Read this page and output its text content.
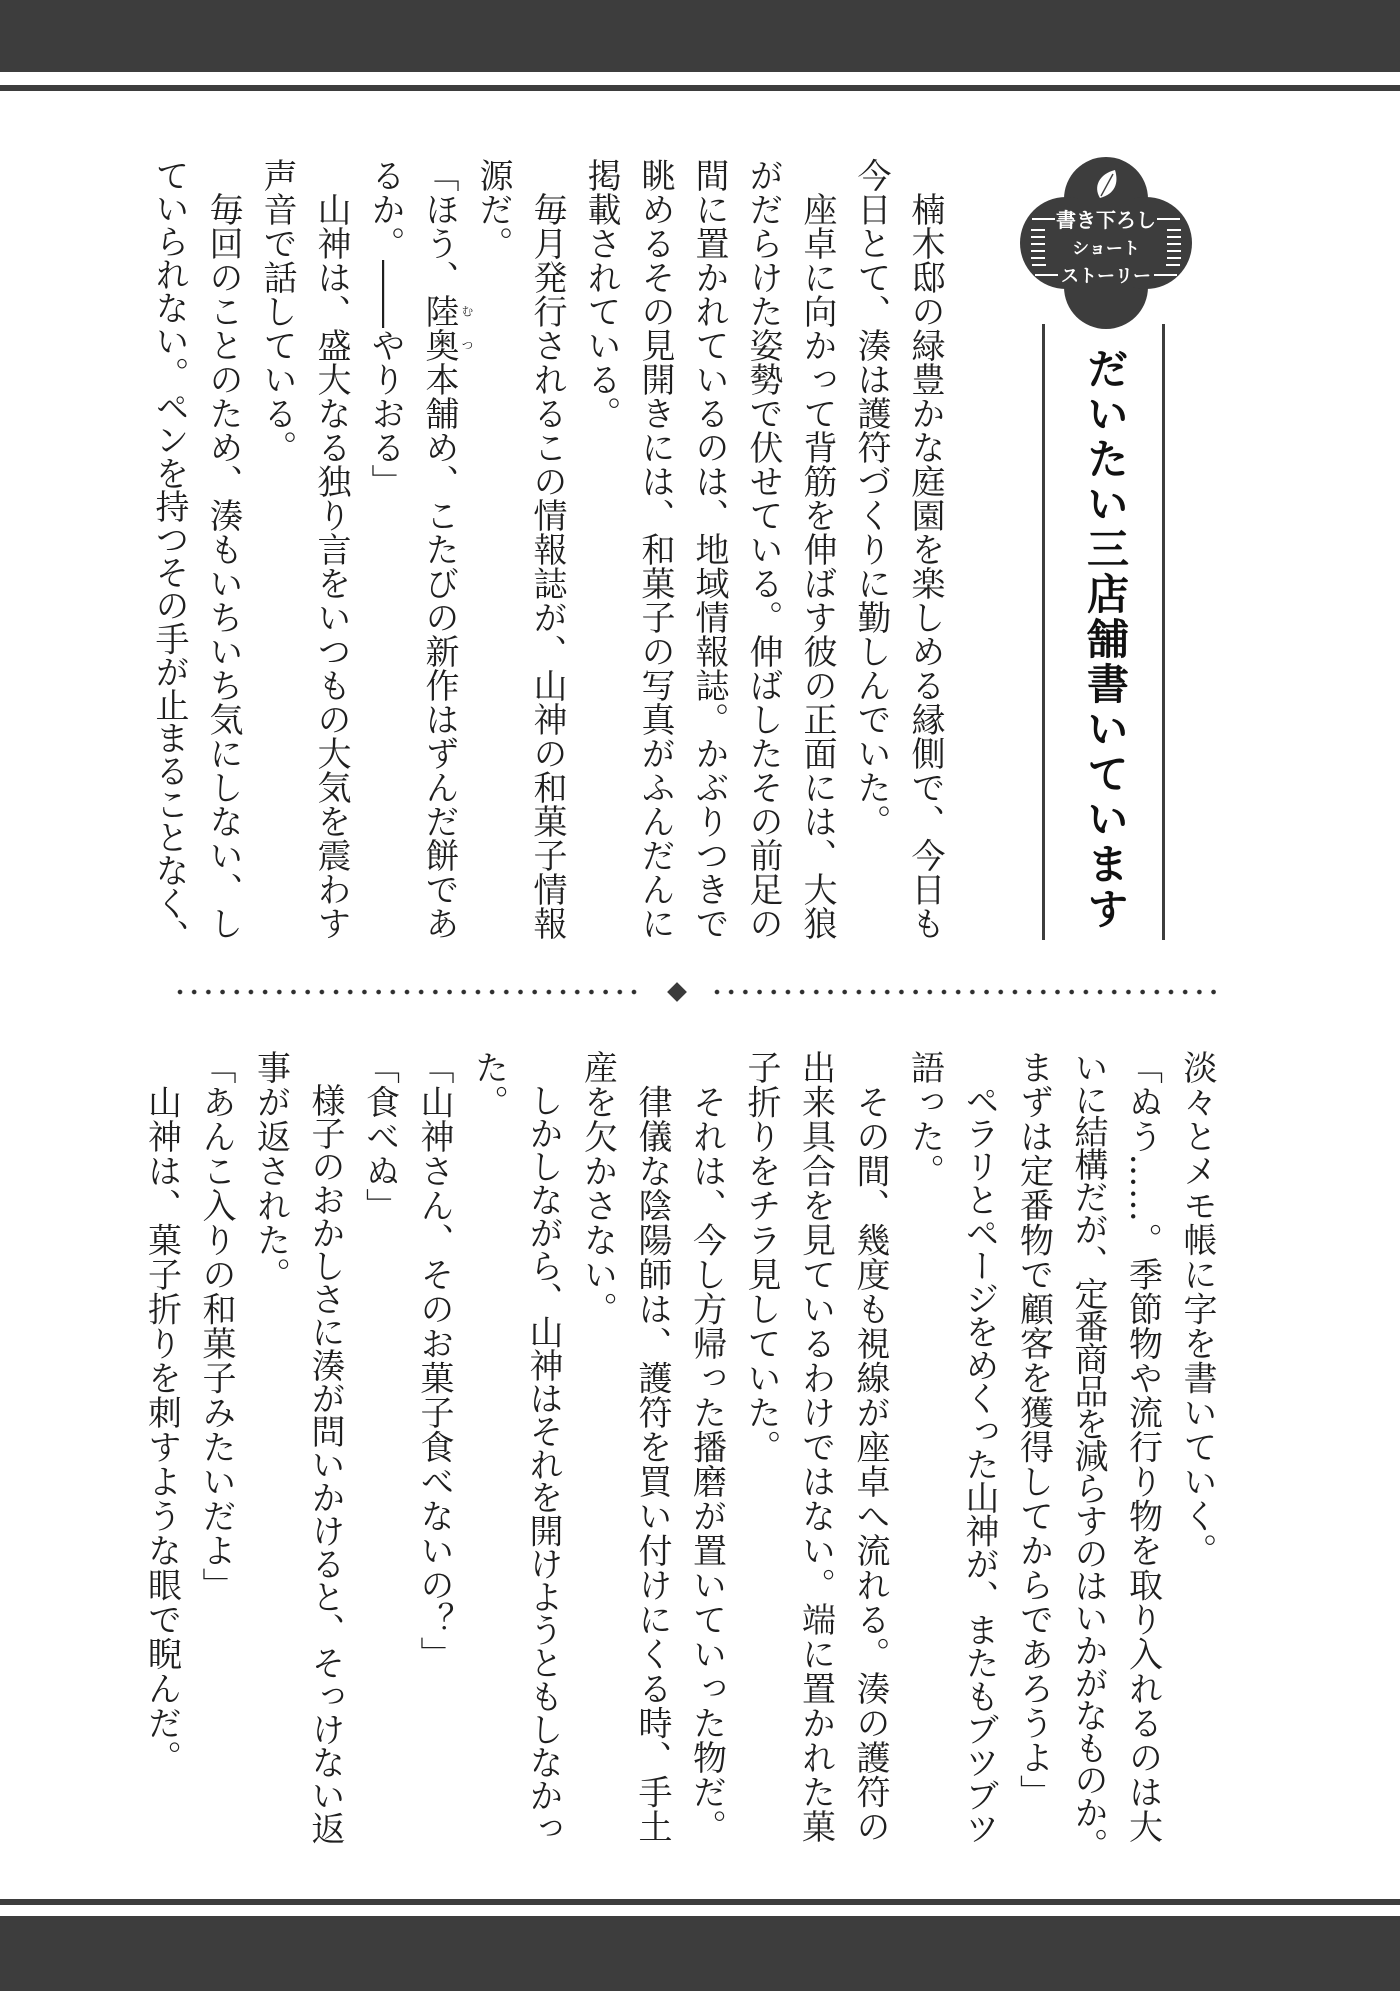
書き下ろし
ショート
ストーリー
だいたい三店舗書いています
　楠木邸の緑豊かな庭園を楽しめる縁側で、今日も
今日とて、湊は護符づくりに勤しんでいた。
　座卓に向かって背筋を伸ばす彼の正面には、大狼
がだらけた姿勢で伏せている。伸ばしたその前足の
間に置かれているのは、地域情報誌。かぶりつきで
眺めるその見開きには、和菓子の写真がふんだんに
掲載されている。
　毎月発行されるこの情報誌が、山神の和菓子情報
源だ。
「ほう、陸奥 むつ
本舗め、こたびの新作はずんだ餅であ
るか。――やりおる」
　山神は、盛大なる独り言をいつもの大気を震わす
声音で話している。
　毎回のことのため、湊もいちいち気にしない、し
ていられない。ペンを持つその手が止まることなく、
淡々とメモ帳に字を書いていく。
「ぬう……。季節物や流行り物を取り入れるのは大
いに結構だが、定番商品を減らすのはいかがなものか。
まずは定番物で顧客を獲得してからであろうよ」
　ペラリとページをめくった山神が、またもブツブツ
語った。
　その間、幾度も視線が座卓へ流れる。湊の護符の
出来具合を見ているわけではない。端に置かれた菓
子折りをチラ見していた。
　それは、今し方帰った播磨が置いていった物だ。
　律儀な陰陽師は、護符を買い付けにくる時、手土
産を欠かさない。
　しかしながら、山神はそれを開けようともしなかっ
た。
「山神さん、そのお菓子食べないの？」
「食べぬ」
　様子のおかしさに湊が問いかけると、そっけない返
事が返された。
「あんこ入りの和菓子みたいだよ」
　山神は、菓子折りを刺すような眼で睨んだ。
